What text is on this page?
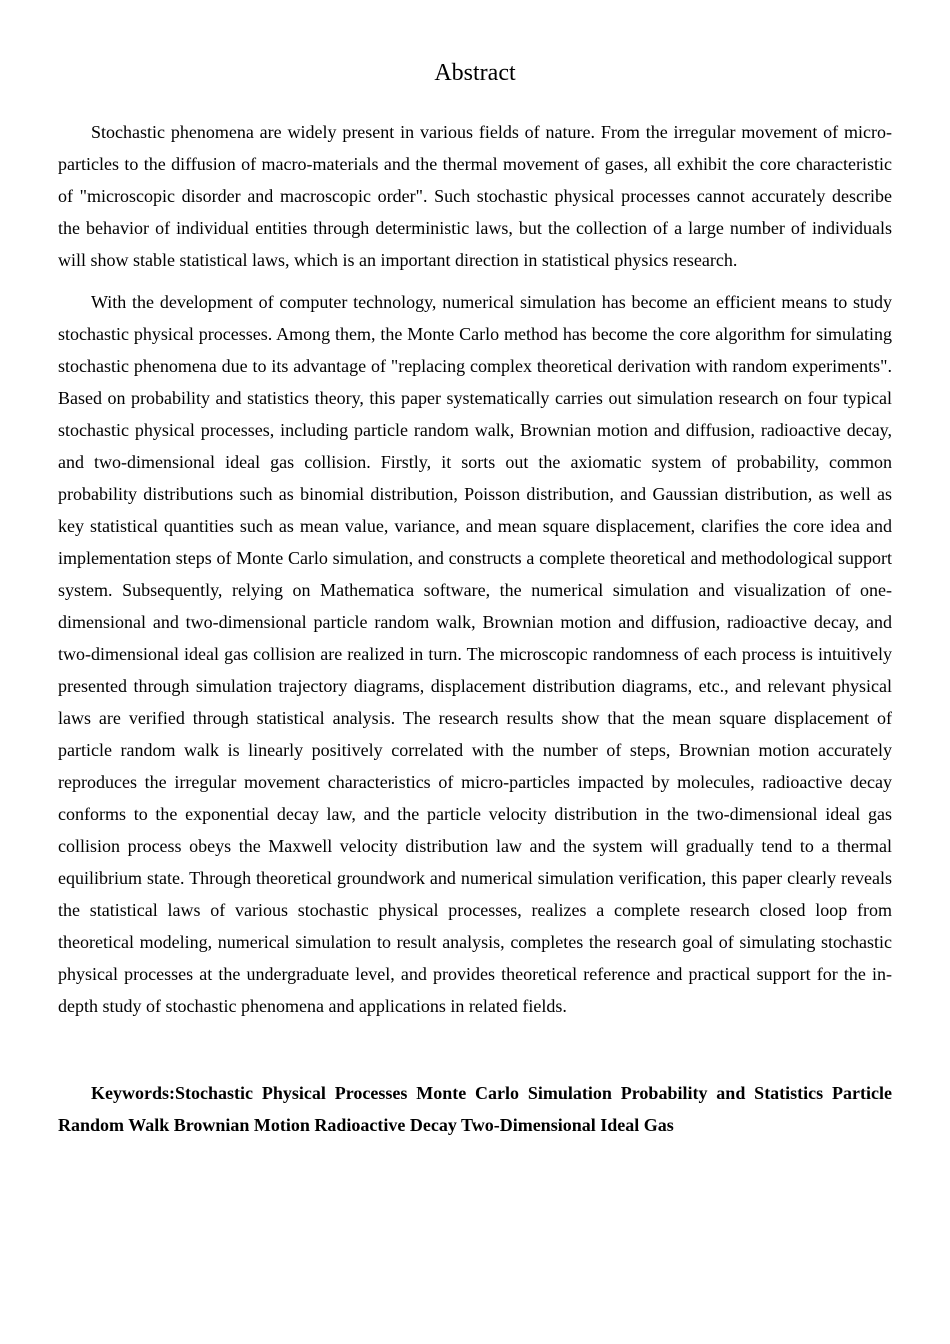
Abstract

Stochastic phenomena are widely present in various fields of nature. From the irregular movement of micro-particles to the diffusion of macro-materials and the thermal movement of gases, all exhibit the core characteristic of "microscopic disorder and macroscopic order". Such stochastic physical processes cannot accurately describe the behavior of individual entities through deterministic laws, but the collection of a large number of individuals will show stable statistical laws, which is an important direction in statistical physics research.

With the development of computer technology, numerical simulation has become an efficient means to study stochastic physical processes. Among them, the Monte Carlo method has become the core algorithm for simulating stochastic phenomena due to its advantage of "replacing complex theoretical derivation with random experiments". Based on probability and statistics theory, this paper systematically carries out simulation research on four typical stochastic physical processes, including particle random walk, Brownian motion and diffusion, radioactive decay, and two-dimensional ideal gas collision. Firstly, it sorts out the axiomatic system of probability, common probability distributions such as binomial distribution, Poisson distribution, and Gaussian distribution, as well as key statistical quantities such as mean value, variance, and mean square displacement, clarifies the core idea and implementation steps of Monte Carlo simulation, and constructs a complete theoretical and methodological support system. Subsequently, relying on Mathematica software, the numerical simulation and visualization of one-dimensional and two-dimensional particle random walk, Brownian motion and diffusion, radioactive decay, and two-dimensional ideal gas collision are realized in turn. The microscopic randomness of each process is intuitively presented through simulation trajectory diagrams, displacement distribution diagrams, etc., and relevant physical laws are verified through statistical analysis. The research results show that the mean square displacement of particle random walk is linearly positively correlated with the number of steps, Brownian motion accurately reproduces the irregular movement characteristics of micro-particles impacted by molecules, radioactive decay conforms to the exponential decay law, and the particle velocity distribution in the two-dimensional ideal gas collision process obeys the Maxwell velocity distribution law and the system will gradually tend to a thermal equilibrium state. Through theoretical groundwork and numerical simulation verification, this paper clearly reveals the statistical laws of various stochastic physical processes, realizes a complete research closed loop from theoretical modeling, numerical simulation to result analysis, completes the research goal of simulating stochastic physical processes at the undergraduate level, and provides theoretical reference and practical support for the in-depth study of stochastic phenomena and applications in related fields.

Keywords:Stochastic Physical Processes Monte Carlo Simulation Probability and Statistics Particle Random Walk Brownian Motion Radioactive Decay Two-Dimensional Ideal Gas
